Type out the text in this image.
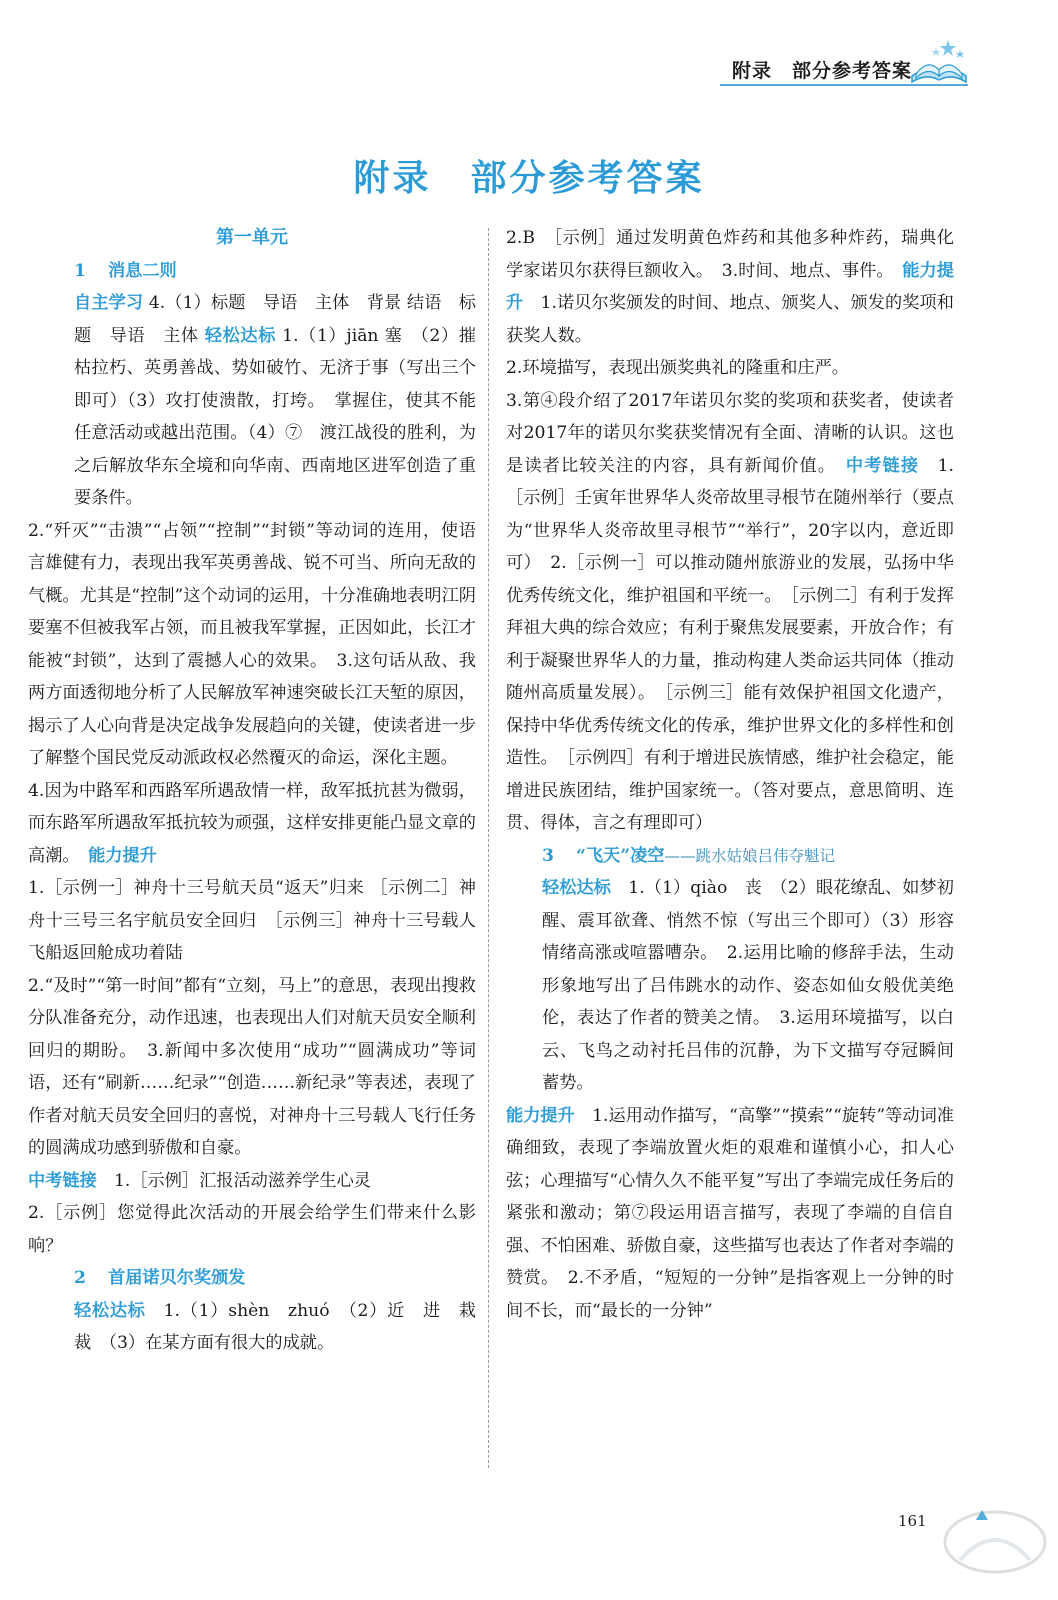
附录　部分参考答案
附录　部分参考答案

第一单元

1 消息二则

自主学习 4.（1）标题　导语　主体　背景 结语　标题　导语　主体 轻松达标 1.（1）jiān 塞　（2）摧枯拉朽、英勇善战、势如破竹、无济于事（写出三个即可）（3）攻打使溃散，打垮。　掌握住，使其不能任意活动或越出范围。（4）⑦　渡江战役的胜利，为之后解放华东全境和向华南、西南地区进军创造了重要条件。

2.“歼灭”“击溃”“占领”“控制”“封锁”等动词的连用，使语言雄健有力，表现出我军英勇善战、锐不可当、所向无敌的气概。尤其是“控制”这个动词的运用，十分准确地表明江阴要塞不但被我军占领，而且被我军掌握，正因如此，长江才能被“封锁”，达到了震撼人心的效果。　3.这句话从敌、我两方面透彻地分析了人民解放军神速突破长江天堑的原因，揭示了人心向背是决定战争发展趋向的关键，使读者进一步了解整个国民党反动派政权必然覆灭的命运，深化主题。

4.因为中路军和西路军所遇敌情一样，敌军抵抗甚为微弱，而东路军所遇敌军抵抗较为顽强，这样安排更能凸显文章的高潮。　能力提升

1.［示例一］神舟十三号航天员“返天”归来 ［示例二］神舟十三号三名宇航员安全回归　［示例三］神舟十三号载人飞船返回舱成功着陆

2.“及时”“第一时间”都有“立刻，马上”的意思，表现出搜救分队准备充分，动作迅速，也表现出人们对航天员安全顺利回归的期盼。　3.新闻中多次使用“成功”“圆满成功”等词语，还有“刷新……纪录”“创造……新纪录”等表述，表现了作者对航天员安全回归的喜悦，对神舟十三号载人飞行任务的圆满成功感到骄傲和自豪。

中考链接　1.［示例］汇报活动滋养学生心灵

2.［示例］您觉得此次活动的开展会给学生们带来什么影响？

2 首届诺贝尔奖颁发

轻松达标　1.（1）shèn　zhuó　（2）近　进　栽　裁　（3）在某方面有很大的成就。

2.B　［示例］通过发明黄色炸药和其他多种炸药，瑞典化学家诺贝尔获得巨额收入。　3.时间、地点、事件。　能力提升　1.诺贝尔奖颁发的时间、地点、颁奖人、颁发的奖项和获奖人数。

2.环境描写，表现出颁奖典礼的隆重和庄严。

3.第④段介绍了2017年诺贝尔奖的奖项和获奖者，使读者对2017年的诺贝尔奖获奖情况有全面、清晰的认识。这也是读者比较关注的内容，具有新闻价值。　中考链接　1.［示例］壬寅年世界华人炎帝故里寻根节在随州举行（要点为“世界华人炎帝故里寻根节”“举行”，20字以内，意近即可）　2.［示例一］可以推动随州旅游业的发展，弘扬中华优秀传统文化，维护祖国和平统一。　［示例二］有利于发挥拜祖大典的综合效应；有利于聚焦发展要素，开放合作；有利于凝聚世界华人的力量，推动构建人类命运共同体（推动随州高质量发展）。　［示例三］能有效保护祖国文化遗产，保持中华优秀传统文化的传承，维护世界文化的多样性和创造性。　［示例四］有利于增进民族情感，维护社会稳定，能增进民族团结，维护国家统一。（答对要点，意思简明、连贯、得体，言之有理即可）

3 “飞天”凌空——跳水姑娘吕伟夺魁记

轻松达标　1.（1）qiào　丧　（2）眼花缭乱、如梦初醒、震耳欲聋、悄然不惊（写出三个即可）（3）形容情绪高涨或喧嚣嘈杂。　2.运用比喻的修辞手法，生动形象地写出了吕伟跳水的动作、姿态如仙女般优美绝伦，表达了作者的赞美之情。　3.运用环境描写，以白云、飞鸟之动衬托吕伟的沉静，为下文描写夺冠瞬间蓄势。

能力提升　1.运用动作描写，“高擎”“摸索”“旋转”等动词准确细致，表现了李端放置火炬的艰难和谨慎小心，扣人心弦；心理描写“心情久久不能平复”写出了李端完成任务后的紧张和激动；第⑦段运用语言描写，表现了李端的自信自强、不怕困难、骄傲自豪，这些描写也表达了作者对李端的赞赏。　2.不矛盾，“短短的一分钟”是指客观上一分钟的时间不长，而“最长的一分钟”

161
